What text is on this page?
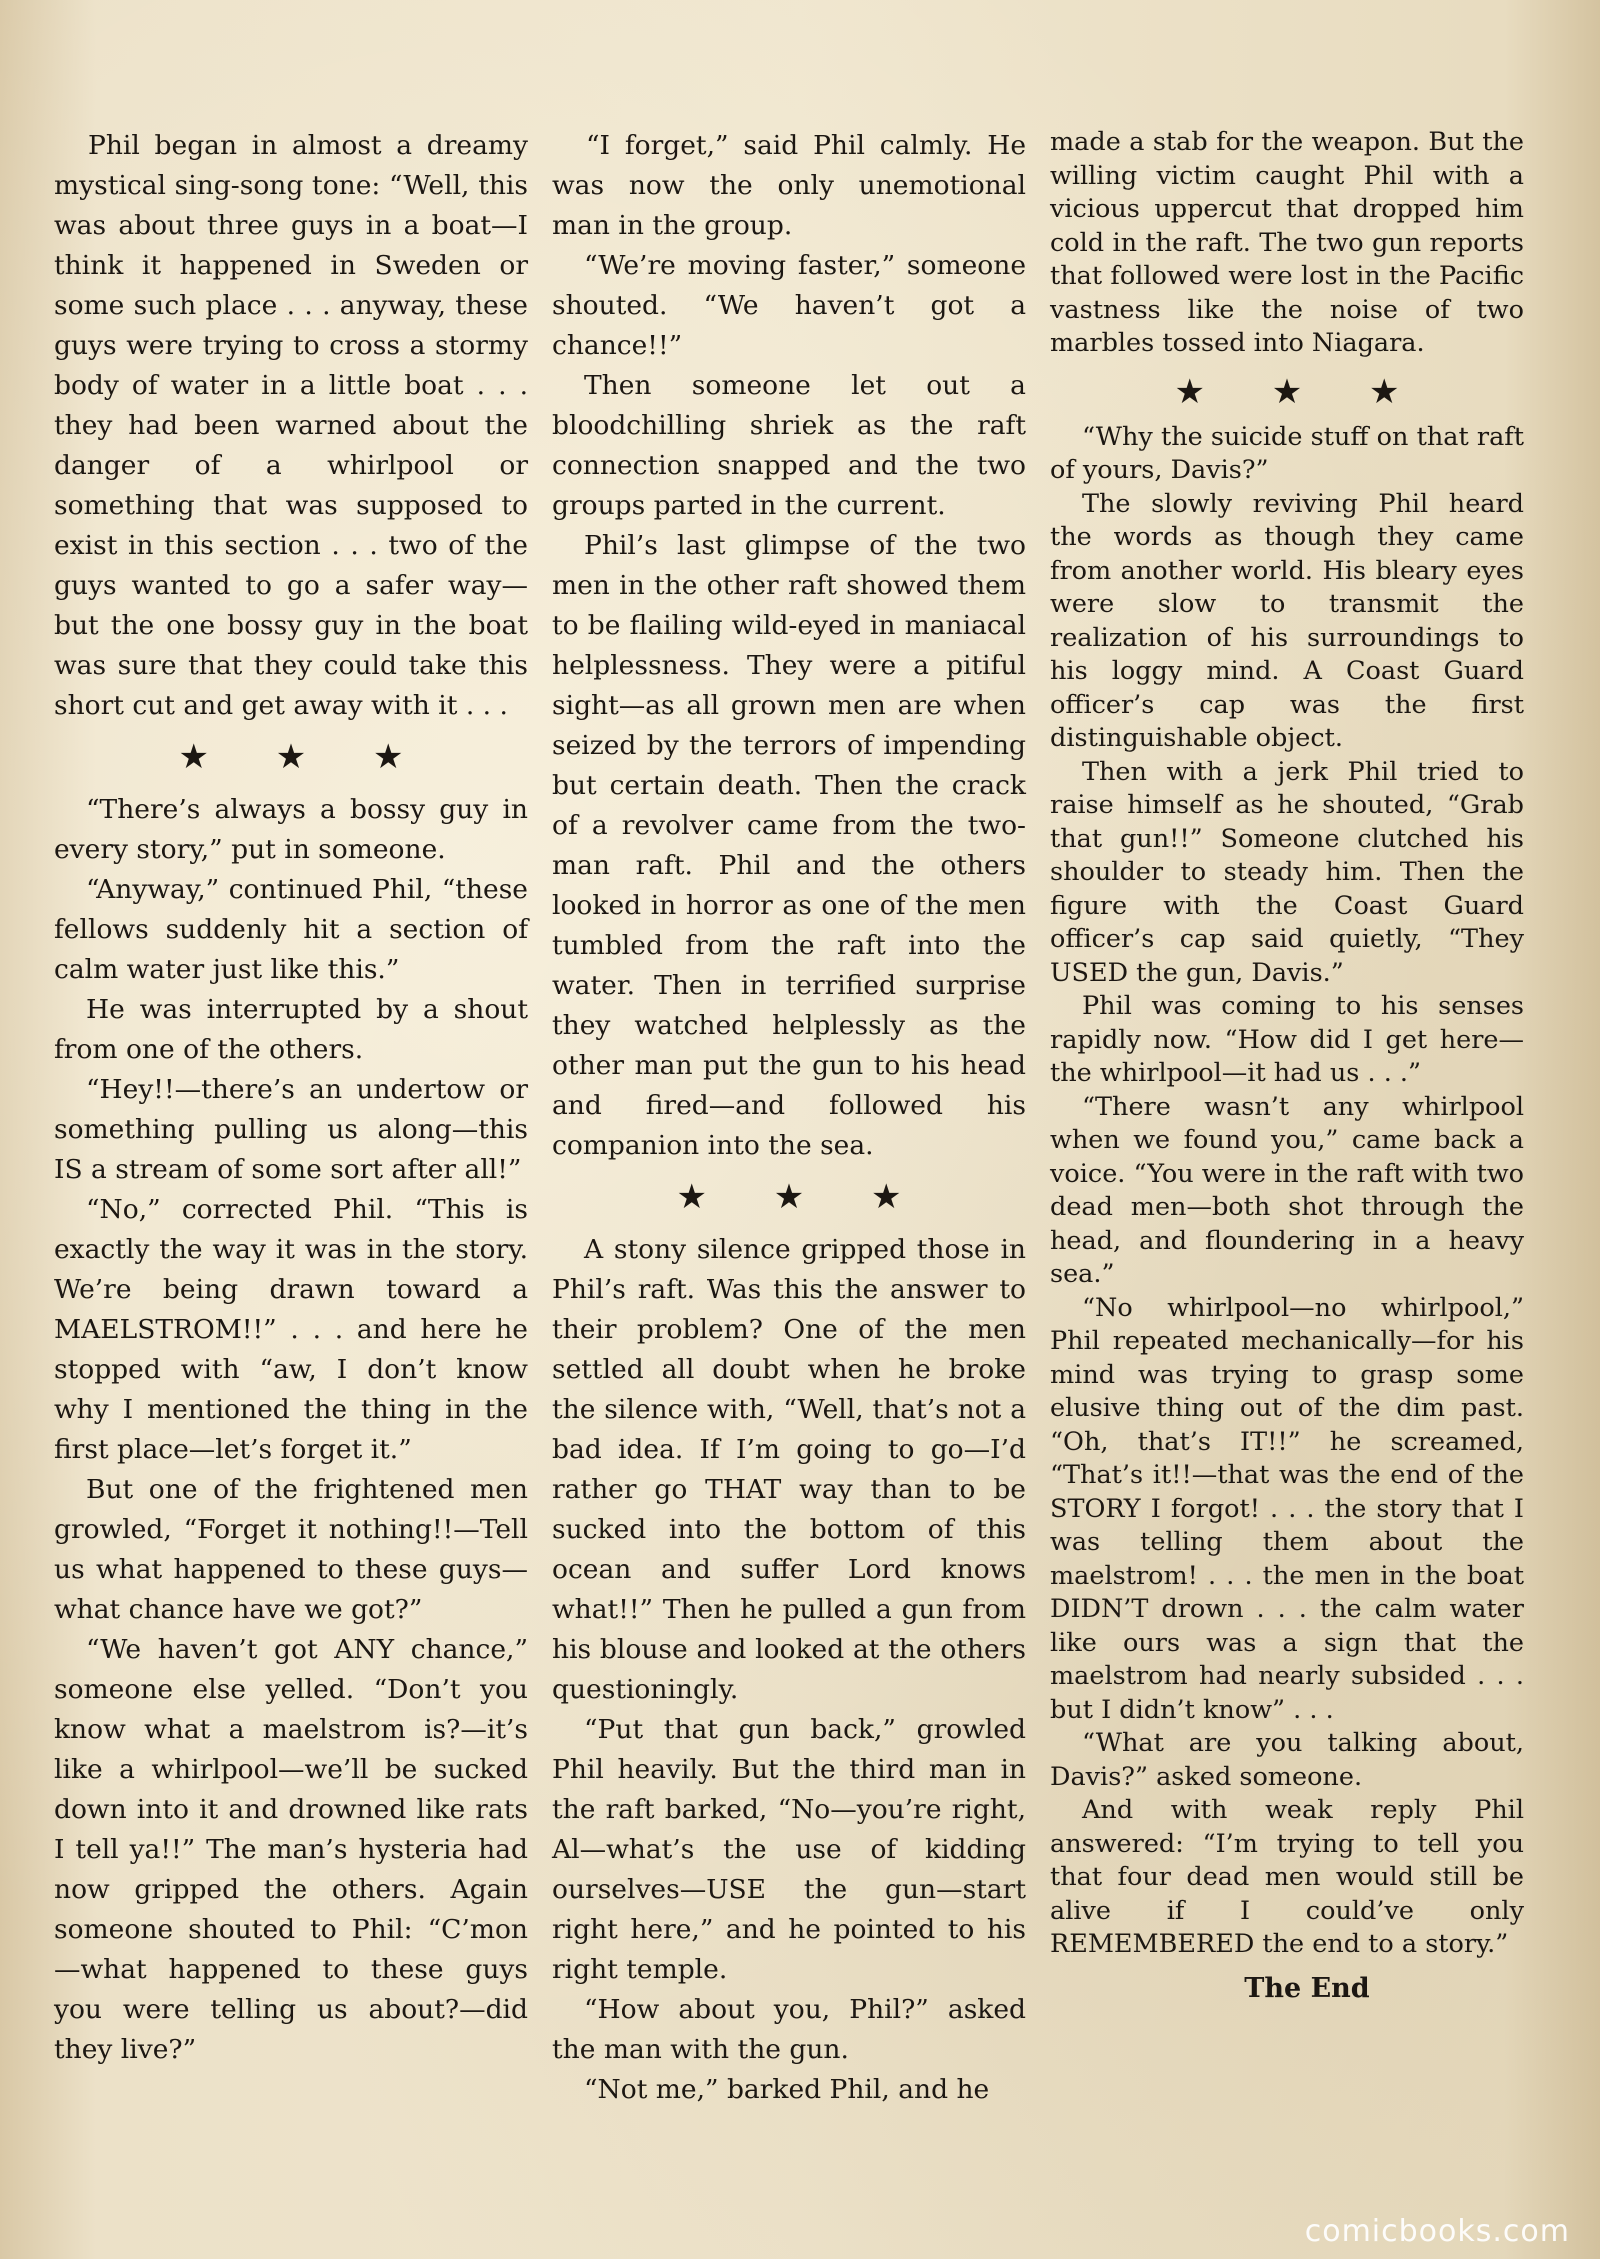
Phil began in almost a dreamy mystical sing-song tone: “Well, this was about three guys in a boat—I think it happened in Sweden or some such place . . . anyway, these guys were trying to cross a stormy body of water in a little boat . . . they had been warned about the danger of a whirlpool or something that was supposed to exist in this section . . . two of the guys wanted to go a safer way—but the one bossy guy in the boat was sure that they could take this short cut and get away with it . . .

★ ★ ★

“There’s always a bossy guy in every story,” put in someone.

“Anyway,” continued Phil, “these fellows suddenly hit a section of calm water just like this.”

He was interrupted by a shout from one of the others.

“Hey!!—there’s an undertow or something pulling us along—this IS a stream of some sort after all!”

“No,” corrected Phil. “This is exactly the way it was in the story. We’re being drawn toward a MAELSTROM!!” . . . and here he stopped with “aw, I don’t know why I mentioned the thing in the first place—let’s forget it.”

But one of the frightened men growled, “Forget it nothing!!—Tell us what happened to these guys—what chance have we got?”

“We haven’t got ANY chance,” someone else yelled. “Don’t you know what a maelstrom is?—it’s like a whirlpool—we’ll be sucked down into it and drowned like rats I tell ya!!” The man’s hysteria had now gripped the others. Again someone shouted to Phil: “C’mon—what happened to these guys you were telling us about?—did they live?”

“I forget,” said Phil calmly. He was now the only unemotional man in the group.

“We’re moving faster,” someone shouted. “We haven’t got a chance!!”

Then someone let out a bloodchilling shriek as the raft connection snapped and the two groups parted in the current.

Phil’s last glimpse of the two men in the other raft showed them to be flailing wild-eyed in maniacal helplessness. They were a pitiful sight—as all grown men are when seized by the terrors of impending but certain death. Then the crack of a revolver came from the two-man raft. Phil and the others looked in horror as one of the men tumbled from the raft into the water. Then in terrified surprise they watched helplessly as the other man put the gun to his head and fired—and followed his companion into the sea.

★ ★ ★

A stony silence gripped those in Phil’s raft. Was this the answer to their problem? One of the men settled all doubt when he broke the silence with, “Well, that’s not a bad idea. If I’m going to go—I’d rather go THAT way than to be sucked into the bottom of this ocean and suffer Lord knows what!!” Then he pulled a gun from his blouse and looked at the others questioningly.

“Put that gun back,” growled Phil heavily. But the third man in the raft barked, “No—you’re right, Al—what’s the use of kidding ourselves—USE the gun—start right here,” and he pointed to his right temple.

“How about you, Phil?” asked the man with the gun.

“Not me,” barked Phil, and he

made a stab for the weapon. But the willing victim caught Phil with a vicious uppercut that dropped him cold in the raft. The two gun reports that followed were lost in the Pacific vastness like the noise of two marbles tossed into Niagara.

★ ★ ★

“Why the suicide stuff on that raft of yours, Davis?”

The slowly reviving Phil heard the words as though they came from another world. His bleary eyes were slow to transmit the realization of his surroundings to his loggy mind. A Coast Guard officer’s cap was the first distinguishable object.

Then with a jerk Phil tried to raise himself as he shouted, “Grab that gun!!” Someone clutched his shoulder to steady him. Then the figure with the Coast Guard officer’s cap said quietly, “They USED the gun, Davis.”

Phil was coming to his senses rapidly now. “How did I get here—the whirlpool—it had us . . .”

“There wasn’t any whirlpool when we found you,” came back a voice. “You were in the raft with two dead men—both shot through the head, and floundering in a heavy sea.”

“No whirlpool—no whirlpool,” Phil repeated mechanically—for his mind was trying to grasp some elusive thing out of the dim past. “Oh, that’s IT!!” he screamed, “That’s it!!—that was the end of the STORY I forgot! . . . the story that I was telling them about the maelstrom! . . . the men in the boat DIDN’T drown . . . the calm water like ours was a sign that the maelstrom had nearly subsided . . . but I didn’t know” . . .

“What are you talking about, Davis?” asked someone.

And with weak reply Phil answered: “I’m trying to tell you that four dead men would still be alive if I could’ve only REMEMBERED the end to a story.”

The End
comicbooks.com
